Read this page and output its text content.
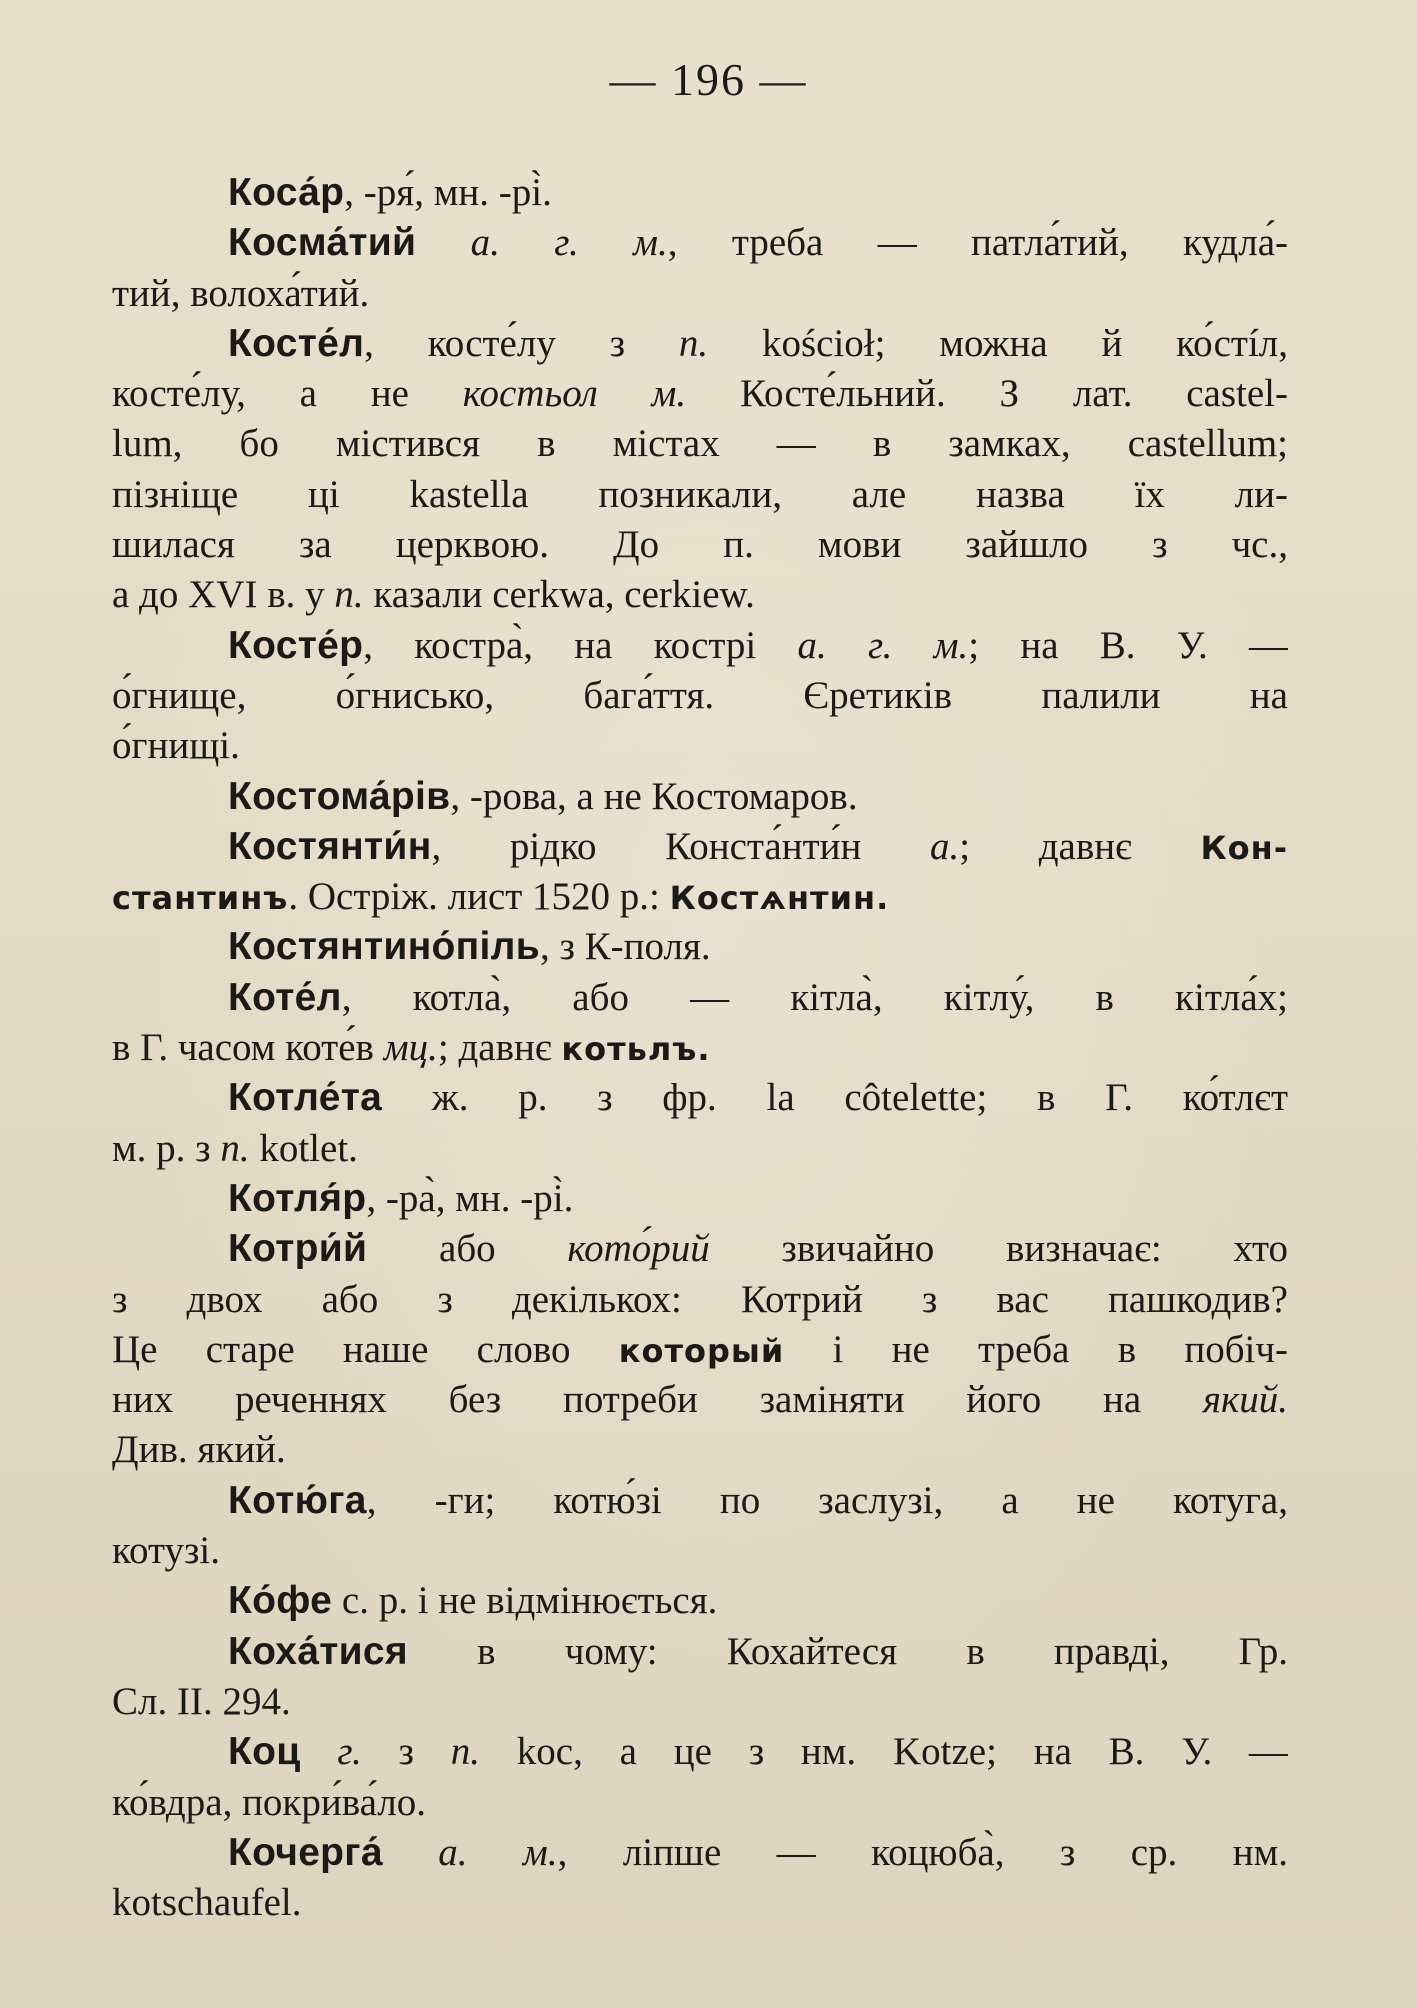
— 196 —
Коса́р, -ря́, мн. -рі̀.
Косма́тий а. г. м., треба — патла́тий, кудла́-
тий, волоха́тий.
Косте́л, косте́лу з п. kościoł; можна й ко́стíл,
косте́лу, а не костьол м. Косте́льний. З лат. castel-
lum, бо містився в містах — в замках, castellum;
пізніще ці kastella позникали, але назва їх ли-
шилася за церквою. До п. мови зайшло з чс.,
а до XVI в. у п. казали cerkwa, cerkiew.
Косте́р, костра̀, на кострі а. г. м.; на В. У. —
о́гнище, о́гнисько, бага́ття. Єретиків палили на
о́гнищі.
Костома́рів, -рова, а не Костомаров.
Костянти́н, рідко Конста́нти́н а.; давнє Кон-
стантинъ. Остріж. лист 1520 р.: Костѧнтин.
Костянтино́піль, з К-поля.
Коте́л, котла̀, або — кітла̀, кітлу́, в кітла́х;
в Г. часом коте́в мц.; давнє котьлъ.
Котле́та ж. р. з фр. la côtelette; в Г. ко́тлєт
м. р. з п. kotlet.
Котля́р, -ра̀, мн. -рі̀.
Котри́й або кото́рий звичайно визначає: хто
з двох або з декількох: Котрий з вас пашкодив?
Це старе наше слово который і не треба в побіч-
них реченнях без потреби заміняти його на який.
Див. який.
Котю́га, -ги; котю́зі по заслузі, а не котуга,
котузі.
Ко́фе с. р. і не відмінюється.
Коха́тися в чому: Кохайтеся в правді, Гр.
Сл. II. 294.
Коц г. з п. koc, а це з нм. Kotze; на В. У. —
ко́вдра, покри́ва́ло.
Кочерга́ а. м., ліпше — коцюба̀, з ср. нм.
kotschaufel.
